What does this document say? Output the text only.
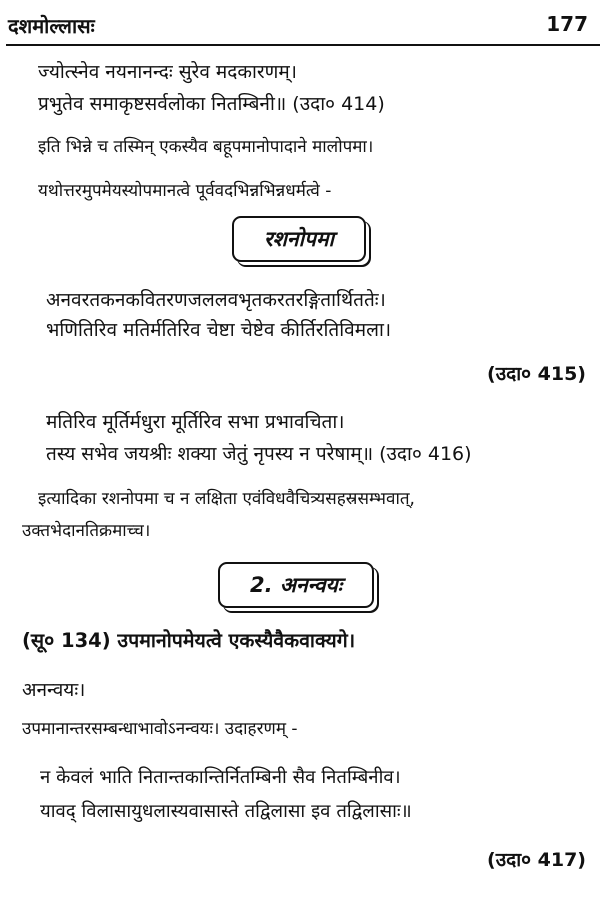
दशमोल्लासः	177
ज्योत्स्नेव नयनानन्दः सुरेव मदकारणम्।
प्रभुतेव समाकृष्टसर्वलोका नितम्बिनी॥ (उदा० 414)
इति भिन्ने च तस्मिन् एकस्यैव बहूपमानोपादाने मालोपमा।
यथोत्तरमुपमेयस्योपमानत्वे पूर्ववदभिन्नभिन्नधर्मत्वे -
रशनोपमा
अनवरतकनकवितरणजललवभृतकरतरङ्गितार्थिततेः।
भणितिरिव मतिर्मतिरिव चेष्टा चेष्टेव कीर्तिरतिविमला।
(उदा० 415)
मतिरिव मूर्तिर्मधुरा मूर्तिरिव सभा प्रभावचिता।
तस्य सभेव जयश्रीः शक्या जेतुं नृपस्य न परेषाम्॥ (उदा० 416)
इत्यादिका रशनोपमा च न लक्षिता एवंविधवैचित्र्यसहस्रसम्भवात्,
उक्तभेदानतिक्रमाच्च।
2. अनन्वयः
(सू० 134) उपमानोपमेयत्वे एकस्यैवैकवाक्यगे।
अनन्वयः।
उपमानान्तरसम्बन्धाभावोऽनन्वयः। उदाहरणम् -
न केवलं भाति नितान्तकान्तिर्नितम्बिनी सैव नितम्बिनीव।
यावद् विलासायुधलास्यवासास्ते तद्विलासा इव तद्विलासाः॥
(उदा० 417)
